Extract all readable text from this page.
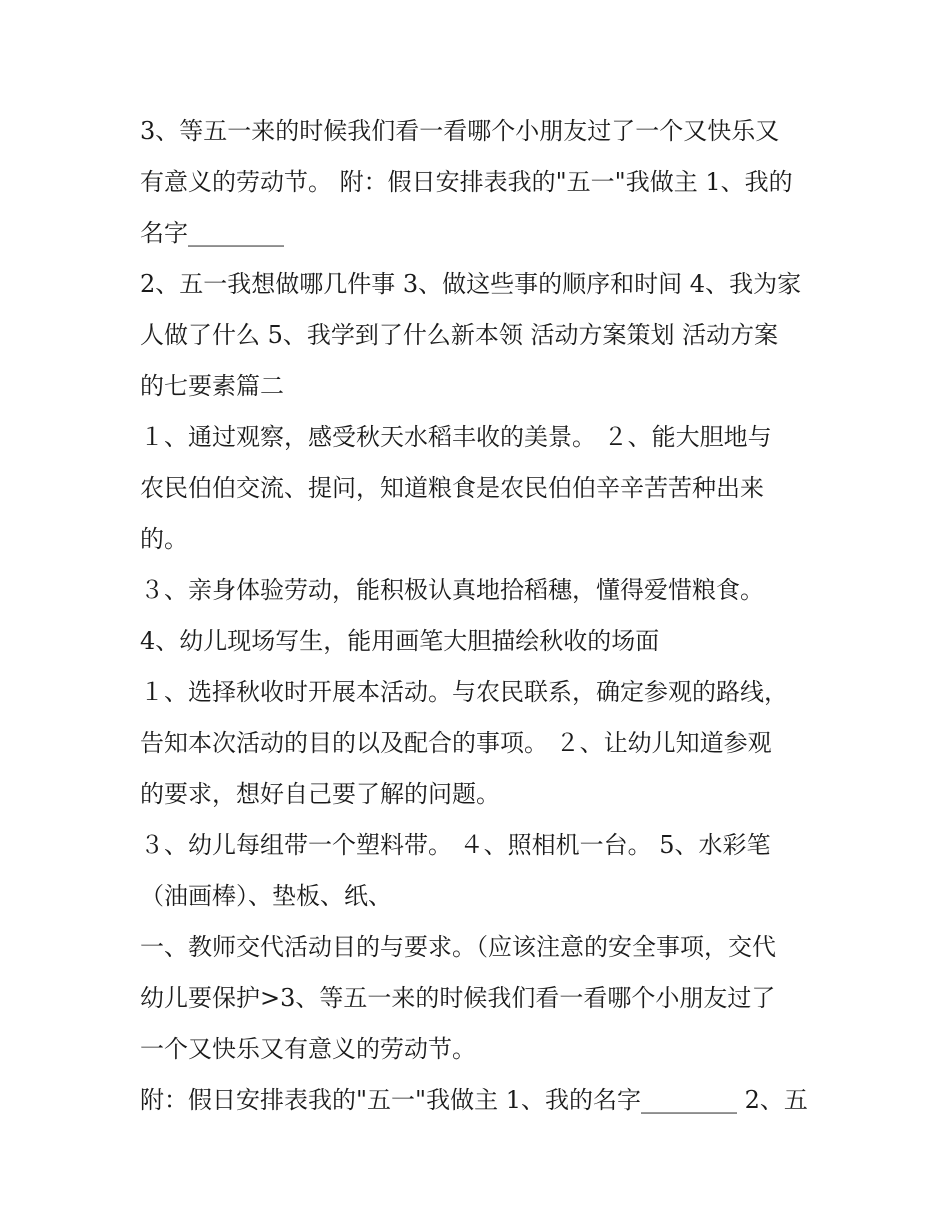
3、等五一来的时候我们看一看哪个小朋友过了一个又快乐又
有意义的劳动节。 附：假日安排表我的"五一"我做主 1、我的
名字________
2、五一我想做哪几件事 3、做这些事的顺序和时间 4、我为家
人做了什么 5、我学到了什么新本领 活动方案策划 活动方案
的七要素篇二
１、通过观察，感受秋天水稻丰收的美景。 ２、能大胆地与
农民伯伯交流、提问，知道粮食是农民伯伯辛辛苦苦种出来
的。
３、亲身体验劳动，能积极认真地拾稻穗，懂得爱惜粮食。
4、幼儿现场写生，能用画笔大胆描绘秋收的场面
１、选择秋收时开展本活动。与农民联系，确定参观的路线，
告知本次活动的目的以及配合的事项。 ２、让幼儿知道参观
的要求，想好自己要了解的问题。
３、幼儿每组带一个塑料带。 ４、照相机一台。 5、水彩笔
（油画棒）、垫板、纸、
一、教师交代活动目的与要求。（应该注意的安全事项，交代
幼儿要保护>3、等五一来的时候我们看一看哪个小朋友过了
一个又快乐又有意义的劳动节。
附：假日安排表我的"五一"我做主 1、我的名字________ 2、五
